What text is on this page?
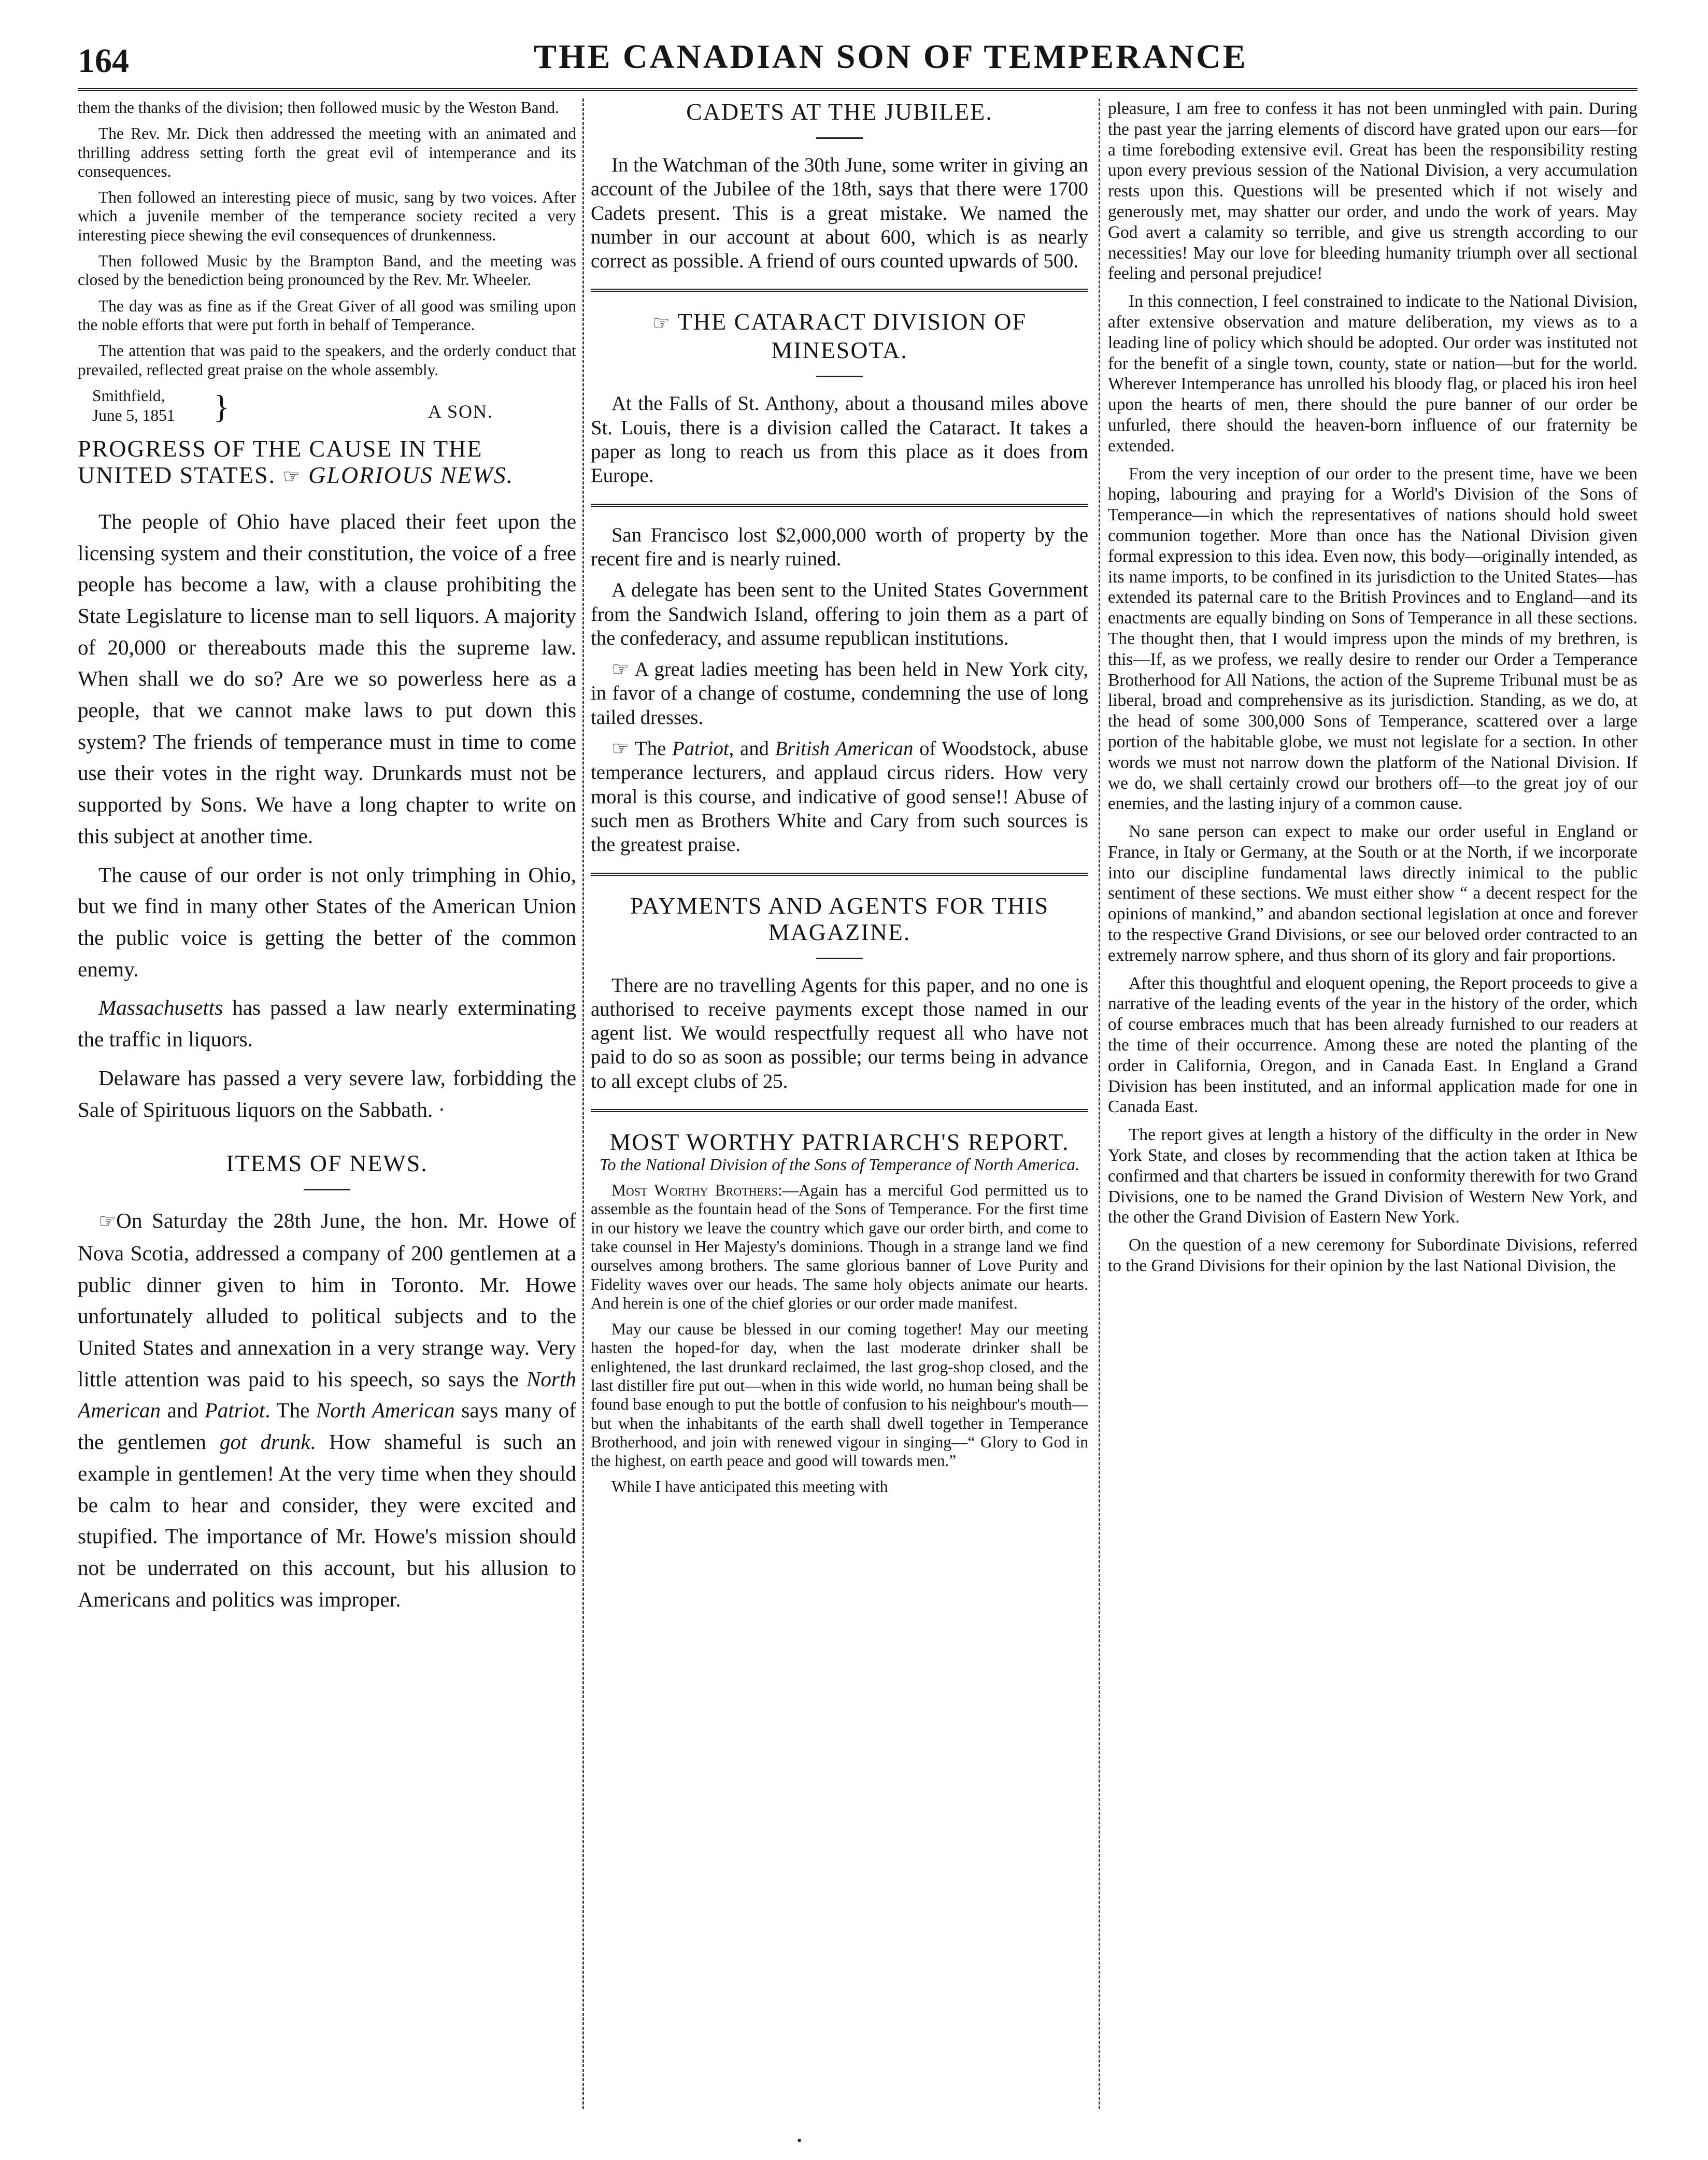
164	THE CANADIAN SON OF TEMPERANCE

them the thanks of the division; then followed music by the Weston Band.

The Rev. Mr. Dick then addressed the meeting with an animated and thrilling address setting forth the great evil of intemperance and its consequences.

Then followed an interesting piece of music, sang by two voices. After which a juvenile member of the temperance society recited a very interesting piece shewing the evil consequences of drunkenness.

Then followed Music by the Brampton Band, and the meeting was closed by the benediction being pronounced by the Rev. Mr. Wheeler.

The day was as fine as if the Great Giver of all good was smiling upon the noble efforts that were put forth in behalf of Temperance.

The attention that was paid to the speakers, and the orderly conduct that prevailed, reflected great praise on the whole assembly.

Smithfield,
June 5, 1851 }	A SON.
PROGRESS OF THE CAUSE IN THE UNITED STATES. ☞ GLORIOUS NEWS.

The people of Ohio have placed their feet upon the licensing system and their constitution, the voice of a free people has become a law, with a clause prohibiting the State Legislature to license man to sell liquors. A majority of 20,000 or thereabouts made this the supreme law. When shall we do so? Are we so powerless here as a people, that we cannot make laws to put down this system? The friends of temperance must in time to come use their votes in the right way. Drunkards must not be supported by Sons. We have a long chapter to write on this subject at another time.

The cause of our order is not only trimphing in Ohio, but we find in many other States of the American Union the public voice is getting the better of the common enemy.

Massachusetts has passed a law nearly exterminating the traffic in liquors.

Delaware has passed a very severe law, forbidding the Sale of Spirituous liquors on the Sabbath. ·

ITEMS OF NEWS.

☞On Saturday the 28th June, the hon. Mr. Howe of Nova Scotia, addressed a company of 200 gentlemen at a public dinner given to him in Toronto. Mr. Howe unfortunately alluded to political subjects and to the United States and annexation in a very strange way. Very little attention was paid to his speech, so says the North American and Patriot. The North American says many of the gentlemen got drunk. How shameful is such an example in gentlemen! At the very time when they should be calm to hear and consider, they were excited and stupified. The importance of Mr. Howe's mission should not be underrated on this account, but his allusion to Americans and politics was improper.

CADETS AT THE JUBILEE.

In the Watchman of the 30th June, some writer in giving an account of the Jubilee of the 18th, says that there were 1700 Cadets present. This is a great mistake. We named the number in our account at about 600, which is as nearly correct as possible. A friend of ours counted upwards of 500.

☞ THE CATARACT DIVISION OF MINESOTA.

At the Falls of St. Anthony, about a thousand miles above St. Louis, there is a division called the Cataract. It takes a paper as long to reach us from this place as it does from Europe.

San Francisco lost $2,000,000 worth of property by the recent fire and is nearly ruined.

A delegate has been sent to the United States Government from the Sandwich Island, offering to join them as a part of the confederacy, and assume republican institutions.

☞ A great ladies meeting has been held in New York city, in favor of a change of costume, condemning the use of long tailed dresses.

☞ The Patriot, and British American of Woodstock, abuse temperance lecturers, and applaud circus riders. How very moral is this course, and indicative of good sense!! Abuse of such men as Brothers White and Cary from such sources is the greatest praise.

PAYMENTS AND AGENTS FOR THIS MAGAZINE.

There are no travelling Agents for this paper, and no one is authorised to receive payments except those named in our agent list. We would respectfully request all who have not paid to do so as soon as possible; our terms being in advance to all except clubs of 25.

MOST WORTHY PATRIARCH'S REPORT.

To the National Division of the Sons of Temperance of North America.

Most Worthy Brothers:—Again has a merciful God permitted us to assemble as the fountain head of the Sons of Temperance. For the first time in our history we leave the country which gave our order birth, and come to take counsel in Her Majesty's dominions. Though in a strange land we find ourselves among brothers. The same glorious banner of Love Purity and Fidelity waves over our heads. The same holy objects animate our hearts. And herein is one of the chief glories or our order made manifest.

May our cause be blessed in our coming together! May our meeting hasten the hoped-for day, when the last moderate drinker shall be enlightened, the last drunkard reclaimed, the last grog-shop closed, and the last distiller fire put out—when in this wide world, no human being shall be found base enough to put the bottle of confusion to his neighbour's mouth—but when the inhabitants of the earth shall dwell together in Temperance Brotherhood, and join with renewed vigour in singing—“ Glory to God in the highest, on earth peace and good will towards men.”

While I have anticipated this meeting with

pleasure, I am free to confess it has not been unmingled with pain. During the past year the jarring elements of discord have grated upon our ears—for a time foreboding extensive evil. Great has been the responsibility resting upon every previous session of the National Division, a very accumulation rests upon this. Questions will be presented which if not wisely and generously met, may shatter our order, and undo the work of years. May God avert a calamity so terrible, and give us strength according to our necessities! May our love for bleeding humanity triumph over all sectional feeling and personal prejudice!

In this connection, I feel constrained to indicate to the National Division, after extensive observation and mature deliberation, my views as to a leading line of policy which should be adopted. Our order was instituted not for the benefit of a single town, county, state or nation—but for the world. Wherever Intemperance has unrolled his bloody flag, or placed his iron heel upon the hearts of men, there should the pure banner of our order be unfurled, there should the heaven-born influence of our fraternity be extended.

From the very inception of our order to the present time, have we been hoping, labouring and praying for a World's Division of the Sons of Temperance—in which the representatives of nations should hold sweet communion together. More than once has the National Division given formal expression to this idea. Even now, this body—originally intended, as its name imports, to be confined in its jurisdiction to the United States—has extended its paternal care to the British Provinces and to England—and its enactments are equally binding on Sons of Temperance in all these sections. The thought then, that I would impress upon the minds of my brethren, is this—If, as we profess, we really desire to render our Order a Temperance Brotherhood for All Nations, the action of the Supreme Tribunal must be as liberal, broad and comprehensive as its jurisdiction. Standing, as we do, at the head of some 300,000 Sons of Temperance, scattered over a large portion of the habitable globe, we must not legislate for a section. In other words we must not narrow down the platform of the National Division. If we do, we shall certainly crowd our brothers off—to the great joy of our enemies, and the lasting injury of a common cause.

No sane person can expect to make our order useful in England or France, in Italy or Germany, at the South or at the North, if we incorporate into our discipline fundamental laws directly inimical to the public sentiment of these sections. We must either show “ a decent respect for the opinions of mankind,” and abandon sectional legislation at once and forever to the respective Grand Divisions, or see our beloved order contracted to an extremely narrow sphere, and thus shorn of its glory and fair proportions.

After this thoughtful and eloquent opening, the Report proceeds to give a narrative of the leading events of the year in the history of the order, which of course embraces much that has been already furnished to our readers at the time of their occurrence. Among these are noted the planting of the order in California, Oregon, and in Canada East. In England a Grand Division has been instituted, and an informal application made for one in Canada East.

The report gives at length a history of the difficulty in the order in New York State, and closes by recommending that the action taken at Ithica be confirmed and that charters be issued in conformity therewith for two Grand Divisions, one to be named the Grand Division of Western New York, and the other the Grand Division of Eastern New York.

On the question of a new ceremony for Subordinate Divisions, referred to the Grand Divisions for their opinion by the last National Division, the

•
